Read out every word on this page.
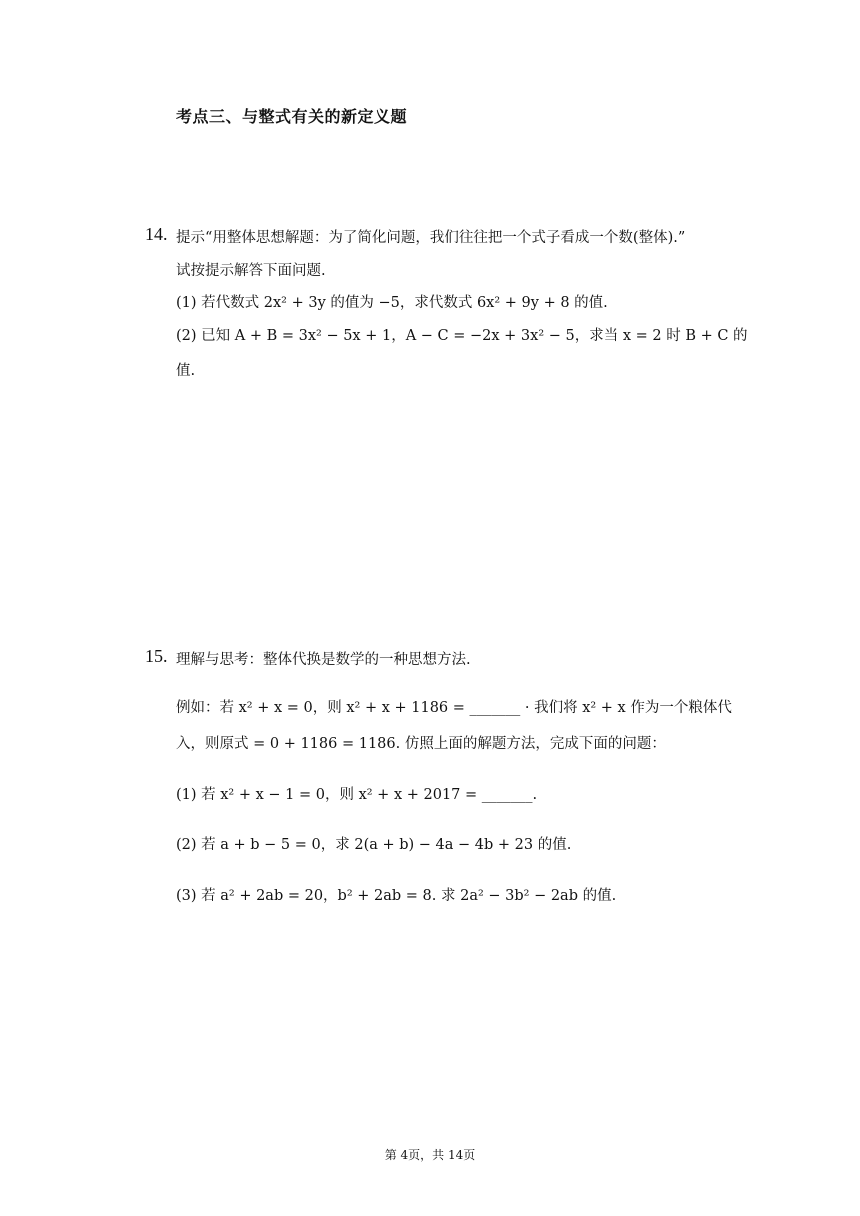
考点三、与整式有关的新定义题
14. 提示“用整体思想解题：为了简化问题，我们往往把一个式子看成一个数(整体).”
试按提示解答下面问题.
(1) 若代数式 2x² + 3y 的值为 −5，求代数式 6x² + 9y + 8 的值.
(2) 已知 A + B = 3x² − 5x + 1，A − C = −2x + 3x² − 5，求当 x = 2 时 B + C 的
值.
15. 理解与思考：整体代换是数学的一种思想方法.
例如：若 x² + x = 0，则 x² + x + 1186 = _______ · 我们将 x² + x 作为一个粮体代
入，则原式 = 0 + 1186 = 1186. 仿照上面的解题方法，完成下面的问题：
(1) 若 x² + x − 1 = 0，则 x² + x + 2017 = _______.
(2) 若 a + b − 5 = 0，求 2(a + b) − 4a − 4b + 23 的值.
(3) 若 a² + 2ab = 20，b² + 2ab = 8. 求 2a² − 3b² − 2ab 的值.
第 4页，共 14页
